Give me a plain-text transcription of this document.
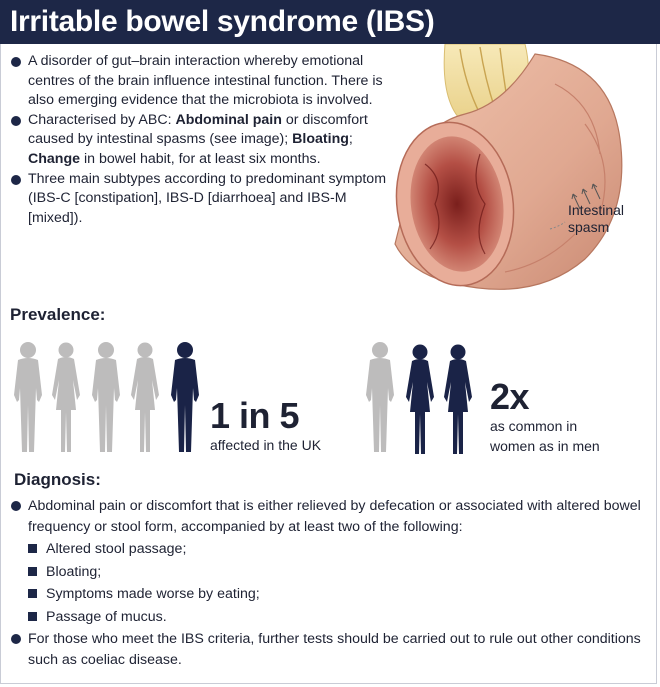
Irritable bowel syndrome (IBS)

A disorder of gut–brain interaction whereby emotional centres of the brain influence intestinal function. There is also emerging evidence that the microbiota is involved.

Characterised by ABC: Abdominal pain or discomfort caused by intestinal spasms (see image); Bloating; Change in bowel habit, for at least six months.

Three main subtypes according to predominant symptom (IBS-C [constipation], IBS-D [diarrhoea] and IBS-M [mixed]).	Intestinal
spasm
Prevalence:
1 in 5
affected in the UK
2x
as common in
women as in men
Diagnosis:

Abdominal pain or discomfort that is either relieved by defecation or associated with altered bowel frequency or stool form, accompanied by at least two of the following:

Altered stool passage;

Bloating;

Symptoms made worse by eating;

Passage of mucus.

For those who meet the IBS criteria, further tests should be carried out to rule out other conditions such as coeliac disease.
